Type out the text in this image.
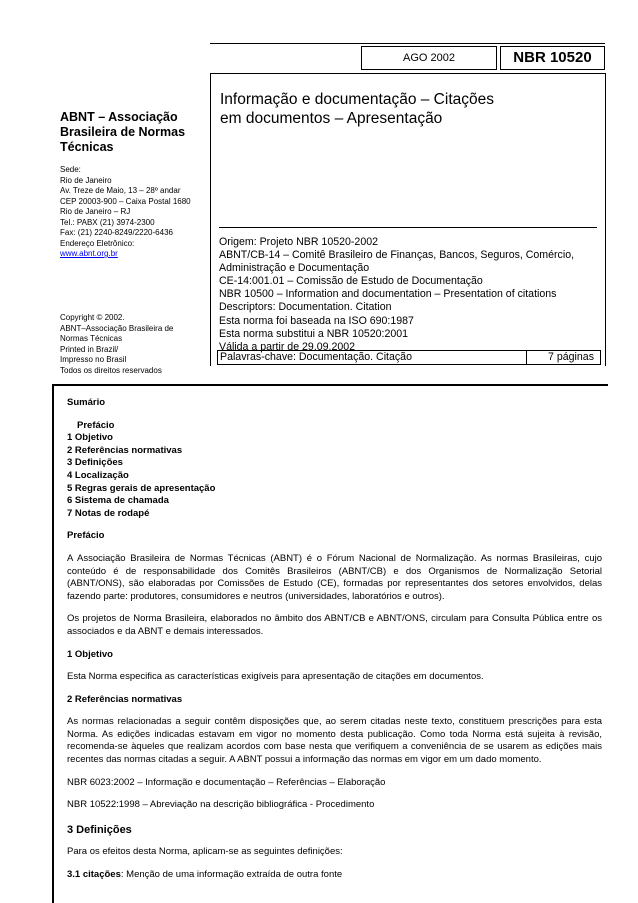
AGO 2002	NBR 10520
Informação e documentação – Citações
em documentos – Apresentação
Origem: Projeto NBR 10520-2002
ABNT/CB-14 – Comitê Brasileiro de Finanças, Bancos, Seguros, Comércio,
Administração e Documentação
CE-14:001.01 – Comissão de Estudo de Documentação
NBR 10500 – Information and documentation – Presentation of citations
Descriptors: Documentation. Citation
Esta norma foi baseada na ISO 690:1987
Esta norma substitui a NBR 10520:2001
Válida a partir de 29.09.2002
Palavras-chave: Documentação. Citação	7 páginas
ABNT – Associação
Brasileira de Normas
Técnicas
Sede:
Rio de Janeiro
Av. Treze de Maio, 13 – 28º andar
CEP 20003-900 – Caixa Postal 1680
Rio de Janeiro – RJ
Tel.: PABX (21) 3974-2300
Fax: (21) 2240-8249/2220-6436
Endereço Eletrônico:
www.abnt.org.br
Copyright © 2002.
ABNT–Associação Brasileira de
Normas Técnicas
Printed in Brazil/
Impresso no Brasil
Todos os direitos reservados
Sumário
Prefácio
1 Objetivo
2 Referências normativas
3 Definições
4 Localização
5 Regras gerais de apresentação
6 Sistema de chamada
7 Notas de rodapé
Prefácio
A Associação Brasileira de Normas Técnicas (ABNT) é o Fórum Nacional de Normalização. As normas Brasileiras, cujo conteúdo é de responsabilidade dos Comitês Brasileiros (ABNT/CB) e dos Organismos de Normalização Setorial (ABNT/ONS), são elaboradas por Comissões de Estudo (CE), formadas por representantes dos setores envolvidos, delas fazendo parte: produtores, consumidores e neutros (universidades, laboratórios e outros).
Os projetos de Norma Brasileira, elaborados no âmbito dos ABNT/CB e ABNT/ONS, circulam para Consulta Pública entre os associados e da ABNT e demais interessados.
1 Objetivo
Esta Norma especifica as características exigíveis para apresentação de citações em documentos.
2 Referências normativas
As normas relacionadas a seguir contêm disposições que, ao serem citadas neste texto, constituem prescrições para esta Norma. As edições indicadas estavam em vigor no momento desta publicação. Como toda Norma está sujeita à revisão, recomenda-se àqueles que realizam acordos com base nesta que verifiquem a conveniência de se usarem as edições mais recentes das normas citadas a seguir. A ABNT possui a informação das normas em vigor em um dado momento.
NBR 6023:2002 – Informação e documentação – Referências – Elaboração
NBR 10522:1998 – Abreviação na descrição bibliográfica - Procedimento
3 Definições
Para os efeitos desta Norma, aplicam-se as seguintes definições:
3.1 citações: Menção de uma informação extraída de outra fonte
